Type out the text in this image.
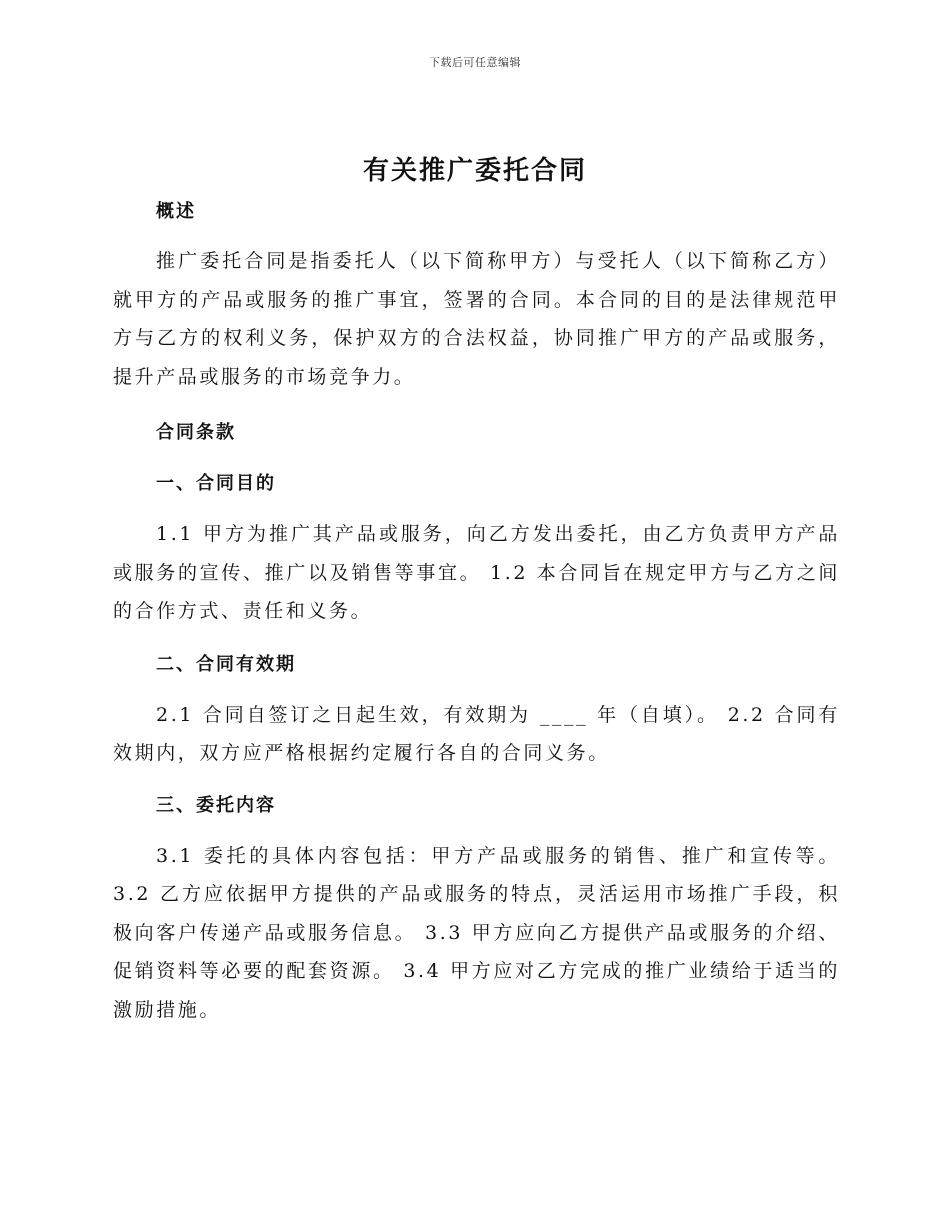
下载后可任意编辑
有关推广委托合同

概述

推广委托合同是指委托人（以下简称甲方）与受托人（以下简称乙方）就甲方的产品或服务的推广事宜，签署的合同。本合同的目的是法律规范甲方与乙方的权利义务，保护双方的合法权益，协同推广甲方的产品或服务，提升产品或服务的市场竞争力。

合同条款

一、合同目的

1.1 甲方为推广其产品或服务，向乙方发出委托，由乙方负责甲方产品或服务的宣传、推广以及销售等事宜。 1.2 本合同旨在规定甲方与乙方之间的合作方式、责任和义务。

二、合同有效期

2.1 合同自签订之日起生效，有效期为 ____ 年（自填）。 2.2 合同有效期内，双方应严格根据约定履行各自的合同义务。

三、委托内容

3.1 委托的具体内容包括：甲方产品或服务的销售、推广和宣传等。 3.2 乙方应依据甲方提供的产品或服务的特点，灵活运用市场推广手段，积极向客户传递产品或服务信息。 3.3 甲方应向乙方提供产品或服务的介绍、促销资料等必要的配套资源。 3.4 甲方应对乙方完成的推广业绩给于适当的激励措施。
